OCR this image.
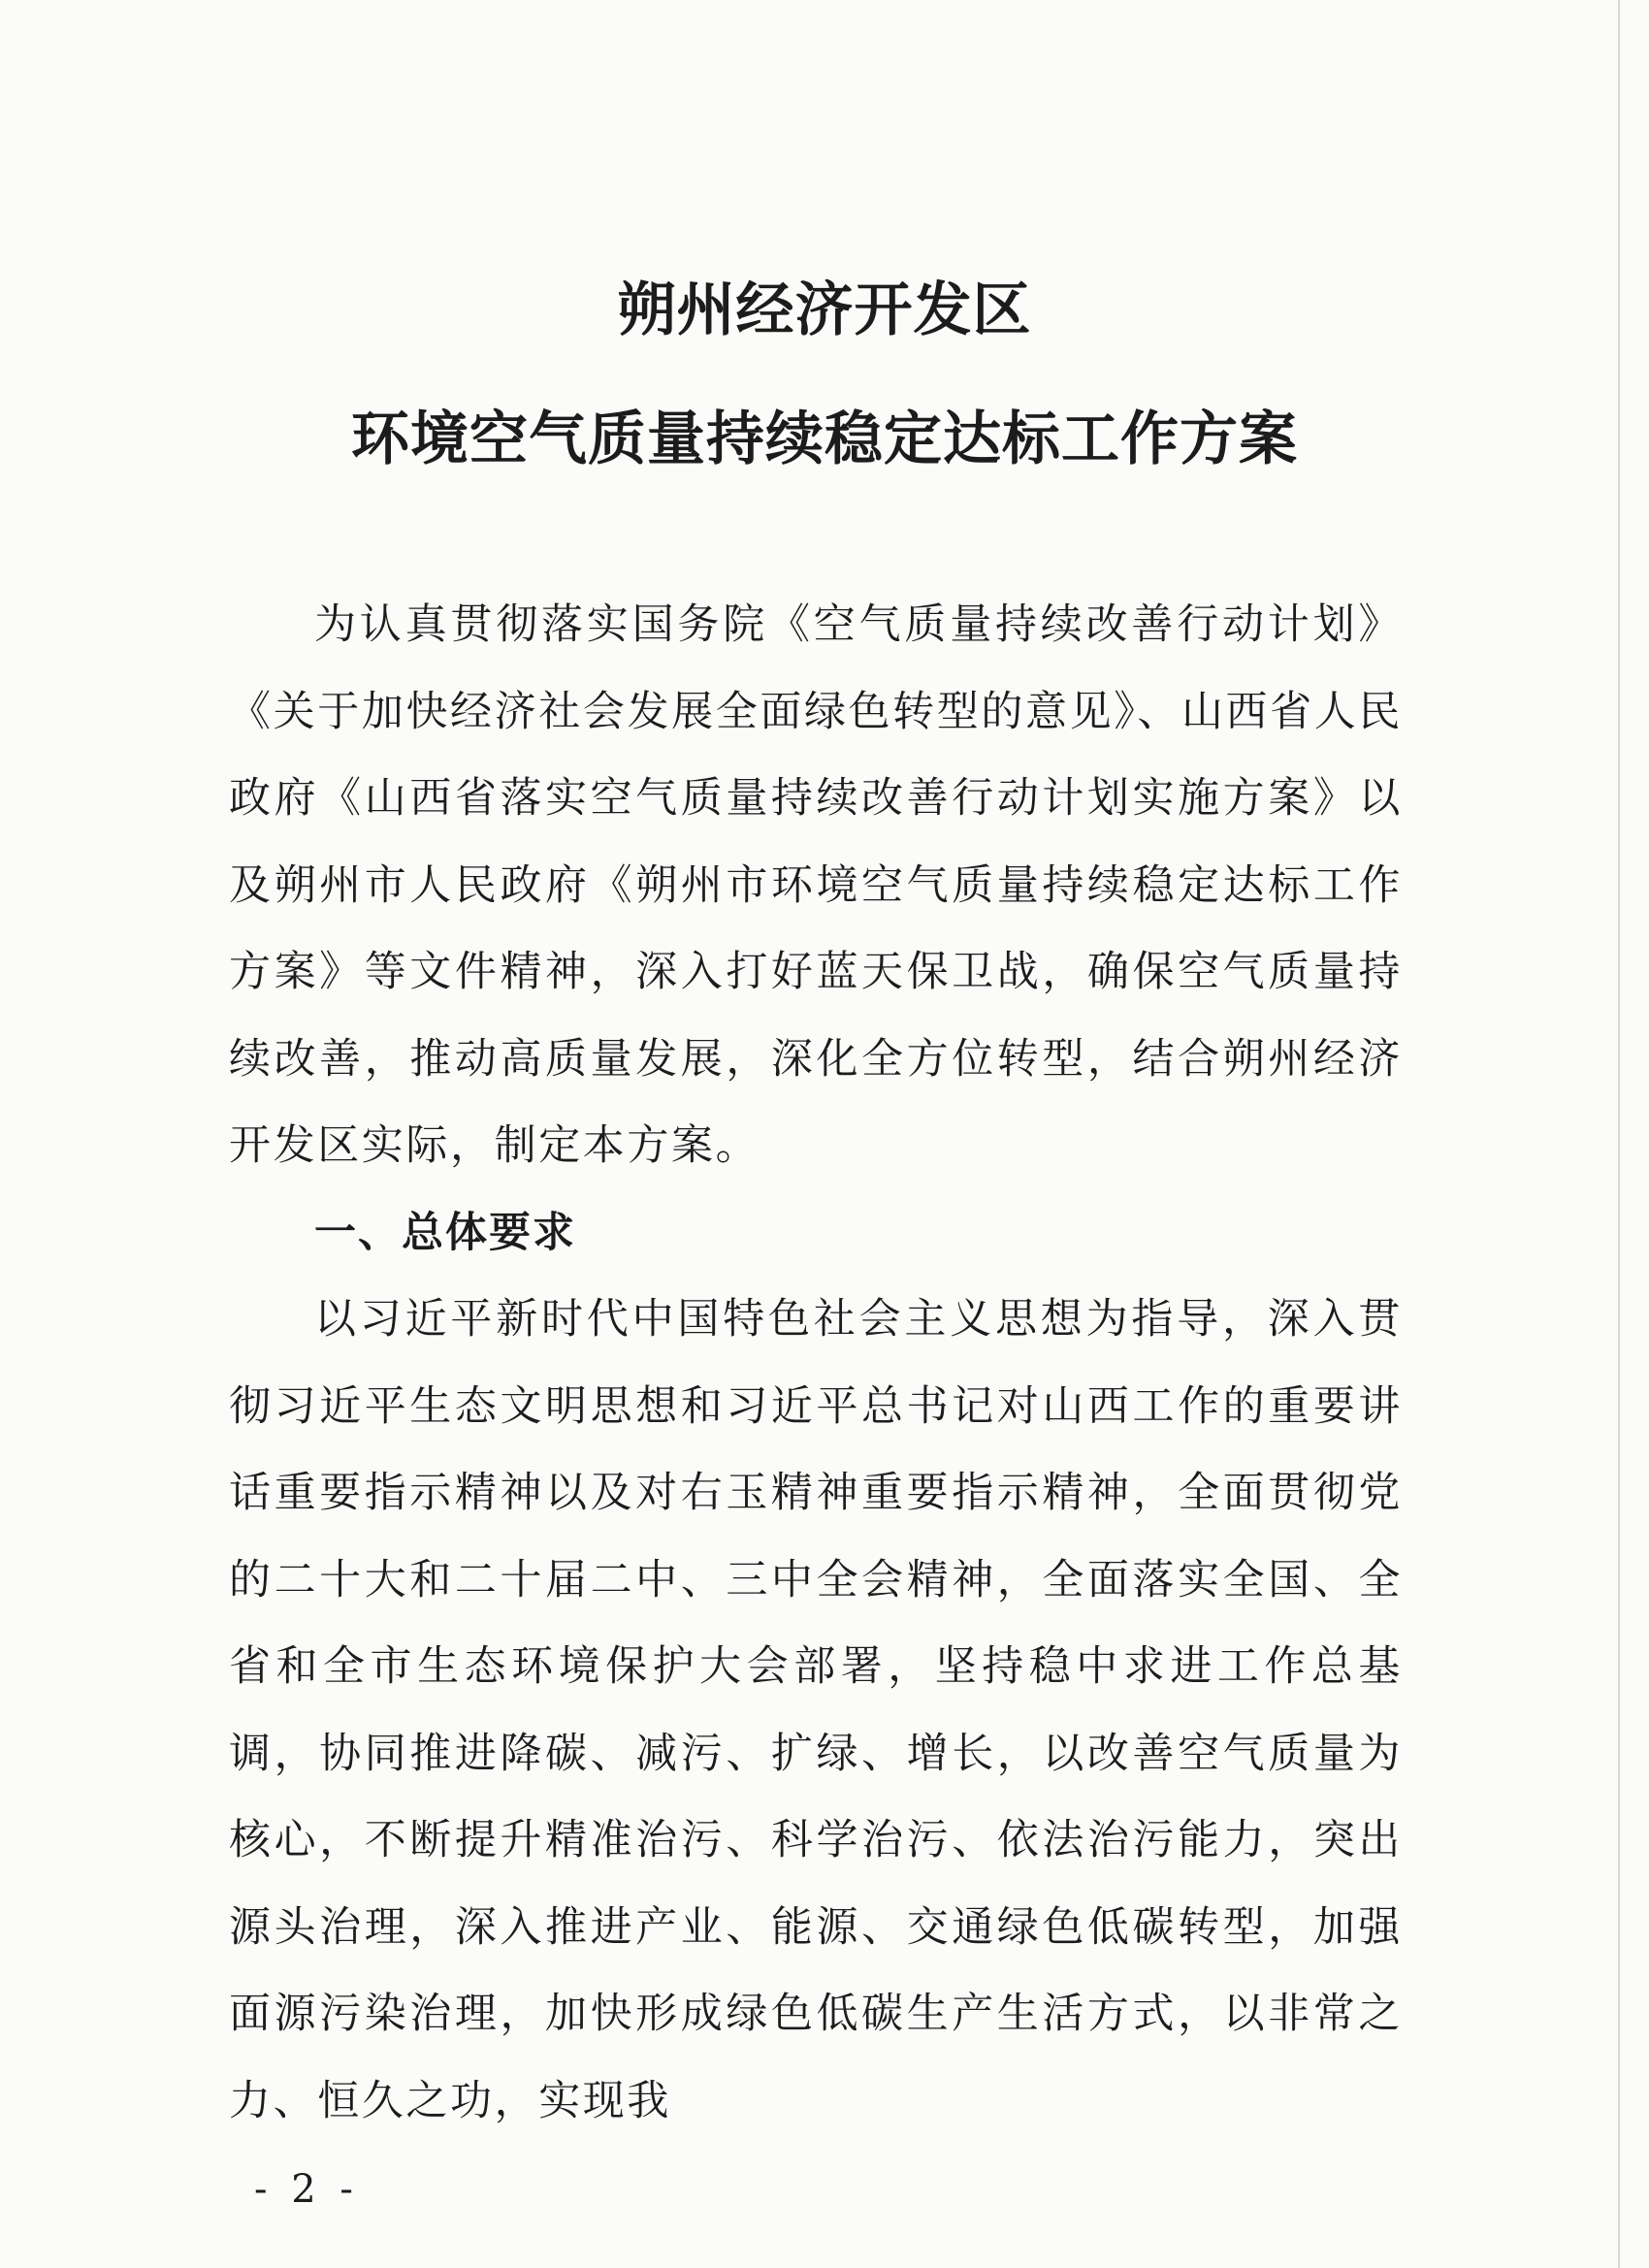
朔州经济开发区
环境空气质量持续稳定达标工作方案

为认真贯彻落实国务院《空气质量持续改善行动计划》《关于加快经济社会发展全面绿色转型的意见》、山西省人民政府《山西省落实空气质量持续改善行动计划实施方案》以及朔州市人民政府《朔州市环境空气质量持续稳定达标工作方案》等文件精神，深入打好蓝天保卫战，确保空气质量持续改善，推动高质量发展，深化全方位转型，结合朔州经济开发区实际，制定本方案。

一、总体要求

以习近平新时代中国特色社会主义思想为指导，深入贯彻习近平生态文明思想和习近平总书记对山西工作的重要讲话重要指示精神以及对右玉精神重要指示精神，全面贯彻党的二十大和二十届二中、三中全会精神，全面落实全国、全省和全市生态环境保护大会部署，坚持稳中求进工作总基调，协同推进降碳、减污、扩绿、增长，以改善空气质量为核心，不断提升精准治污、科学治污、依法治污能力，突出源头治理，深入推进产业、能源、交通绿色低碳转型，加强面源污染治理，加快形成绿色低碳生产生活方式，以非常之力、恒久之功，实现我

- 2 -
